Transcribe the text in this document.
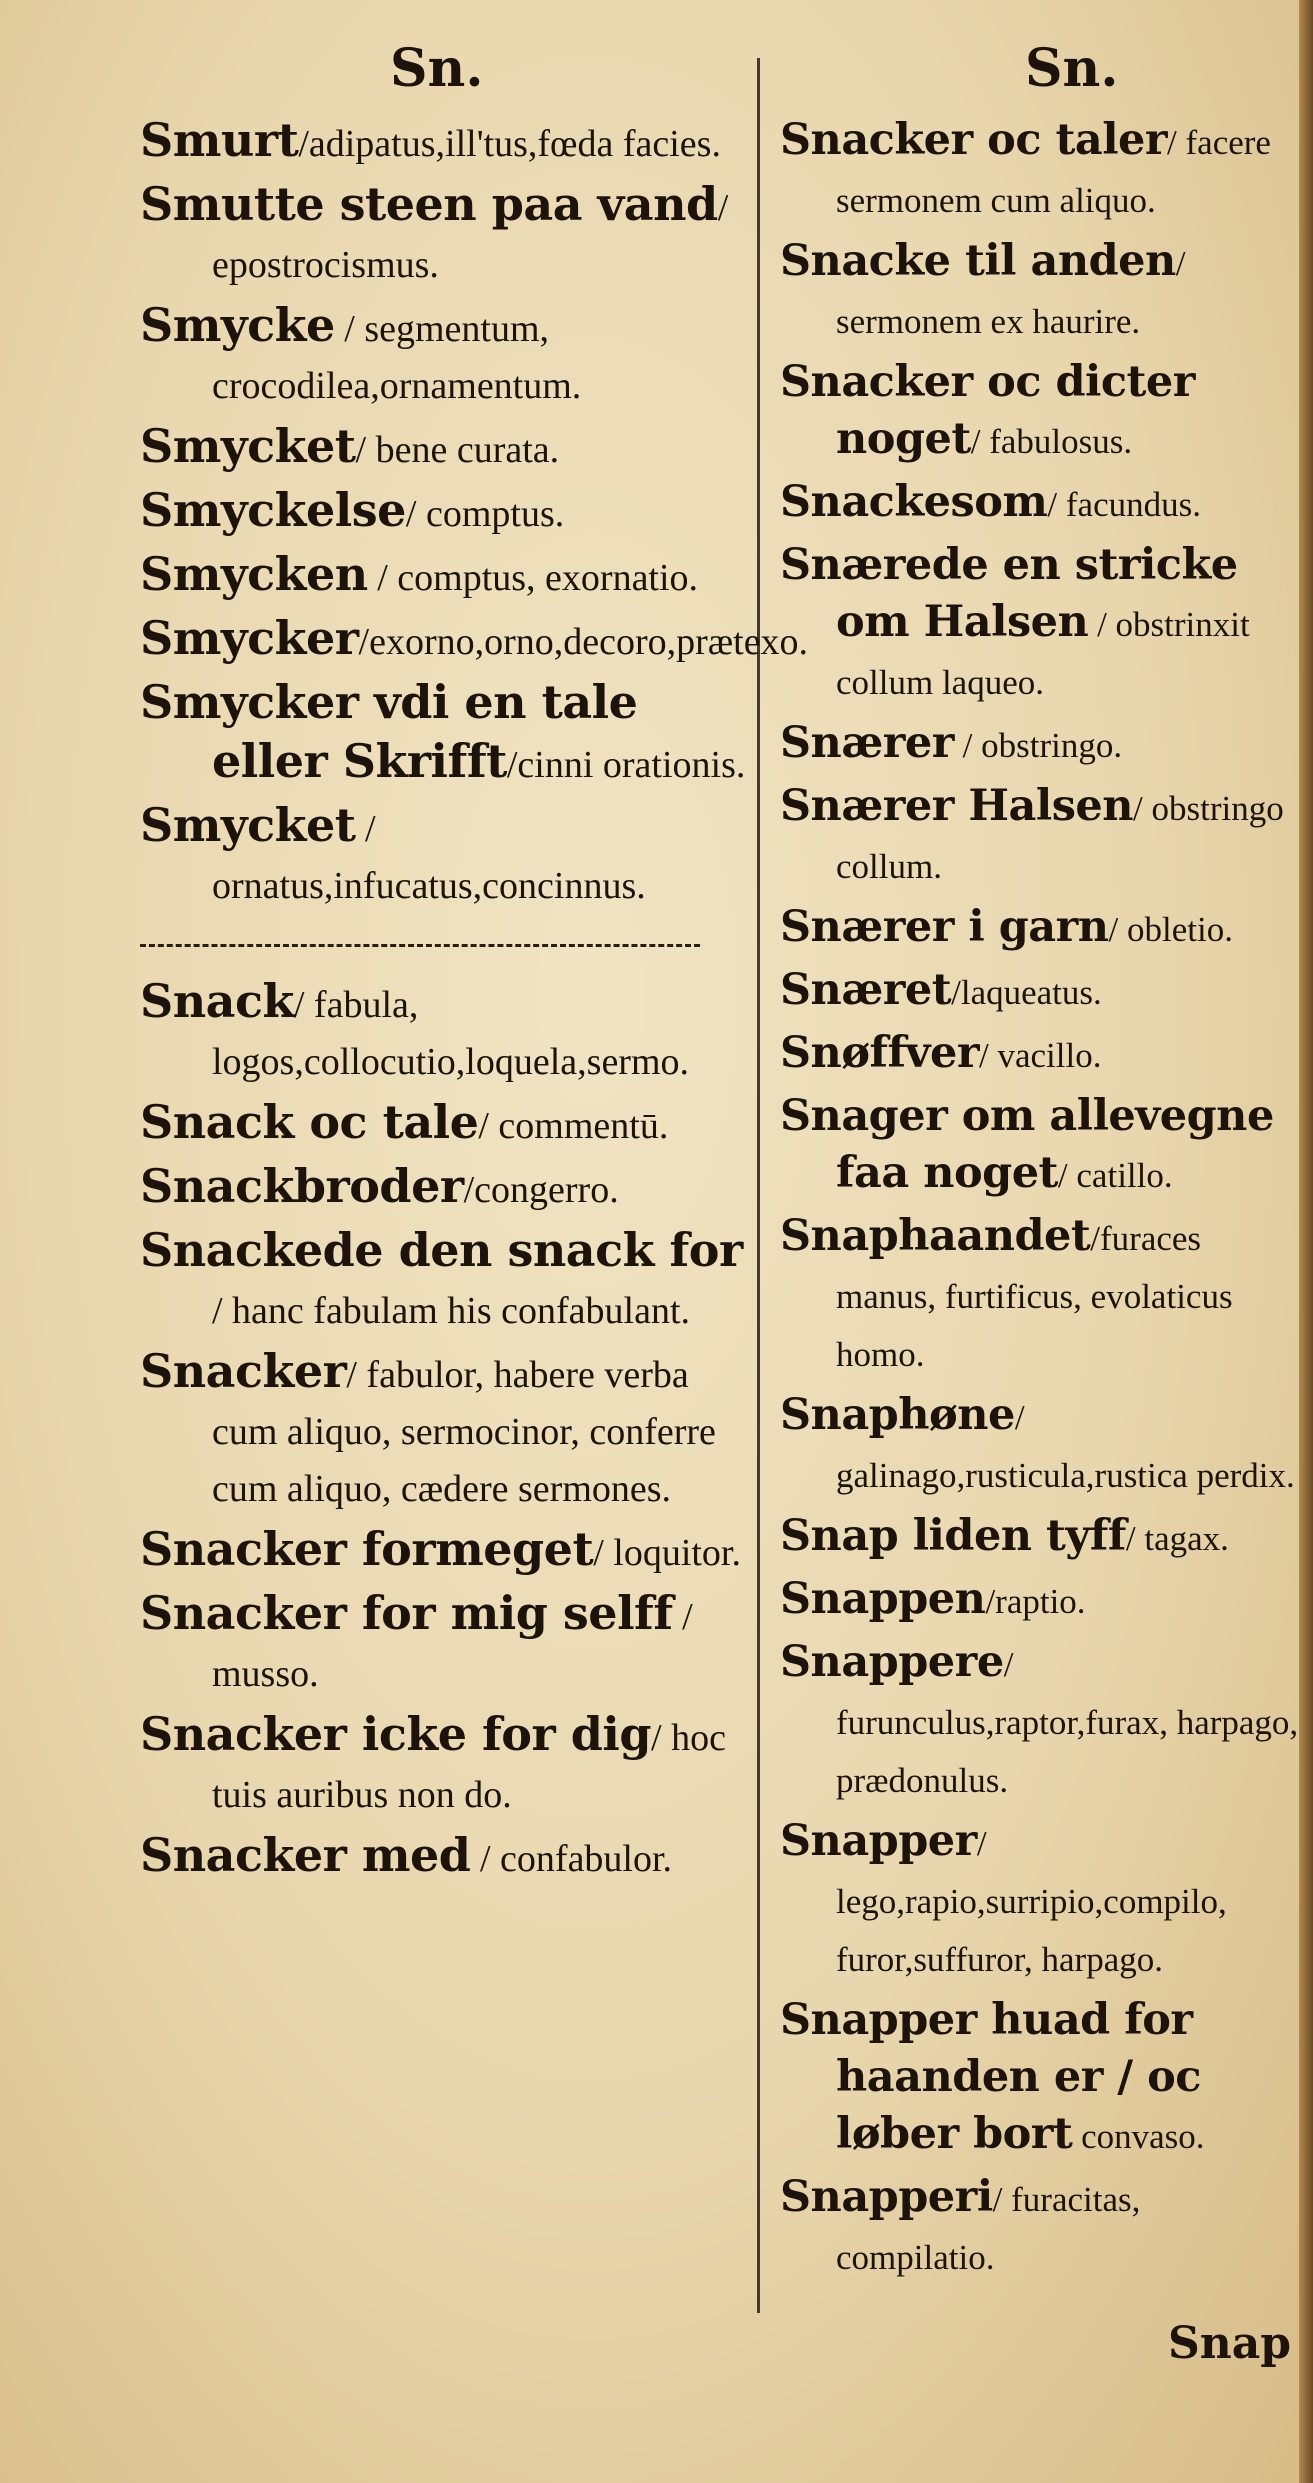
Sn.	Sn.
Smurt/adipatus,ill'tus,fœda facies.
Smutte steen paa vand/ epostrocismus.
Smycke / segmentum, crocodilea,ornamentum.
Smycket/ bene curata.
Smyckelse/ comptus.
Smycken / comptus, exornatio.
Smycker/exorno,orno,decoro,prætexo.
Smycker vdi en tale eller Skrifft/cinni orationis.
Smycket / ornatus,infucatus,concinnus.
Snack/ fabula, logos,collocutio,loquela,sermo.
Snack oc tale/ commentū.
Snackbroder/congerro.
Snackede den snack for / hanc fabulam his confabulant.
Snacker/ fabulor, habere verba cum aliquo, sermocinor, conferre cum aliquo, cædere sermones.
Snacker formeget/ loquitor.
Snacker for mig selff / musso.
Snacker icke for dig/ hoc tuis auribus non do.
Snacker med / confabulor.
Snacker oc taler/ facere sermonem cum aliquo.
Snacke til anden/ sermonem ex haurire.
Snacker oc dicter noget/ fabulosus.
Snackesom/ facundus.
Snærede en stricke om Halsen / obstrinxit collum laqueo.
Snærer / obstringo.
Snærer Halsen/ obstringo collum.
Snærer i garn/ obletio.
Snæret/laqueatus.
Snøffver/ vacillo.
Snager om allevegne faa noget/ catillo.
Snaphaandet/furaces manus, furtificus, evolaticus homo.
Snaphøne/ galinago,rusticula,rustica perdix.
Snap liden tyff/ tagax.
Snappen/raptio.
Snappere/ furunculus,raptor,furax, harpago, prædonulus.
Snapper/ lego,rapio,surripio,compilo, furor,suffuror, harpago.
Snapper huad for haanden er / oc løber bort convaso.
Snapperi/ furacitas, compilatio.
Snap
